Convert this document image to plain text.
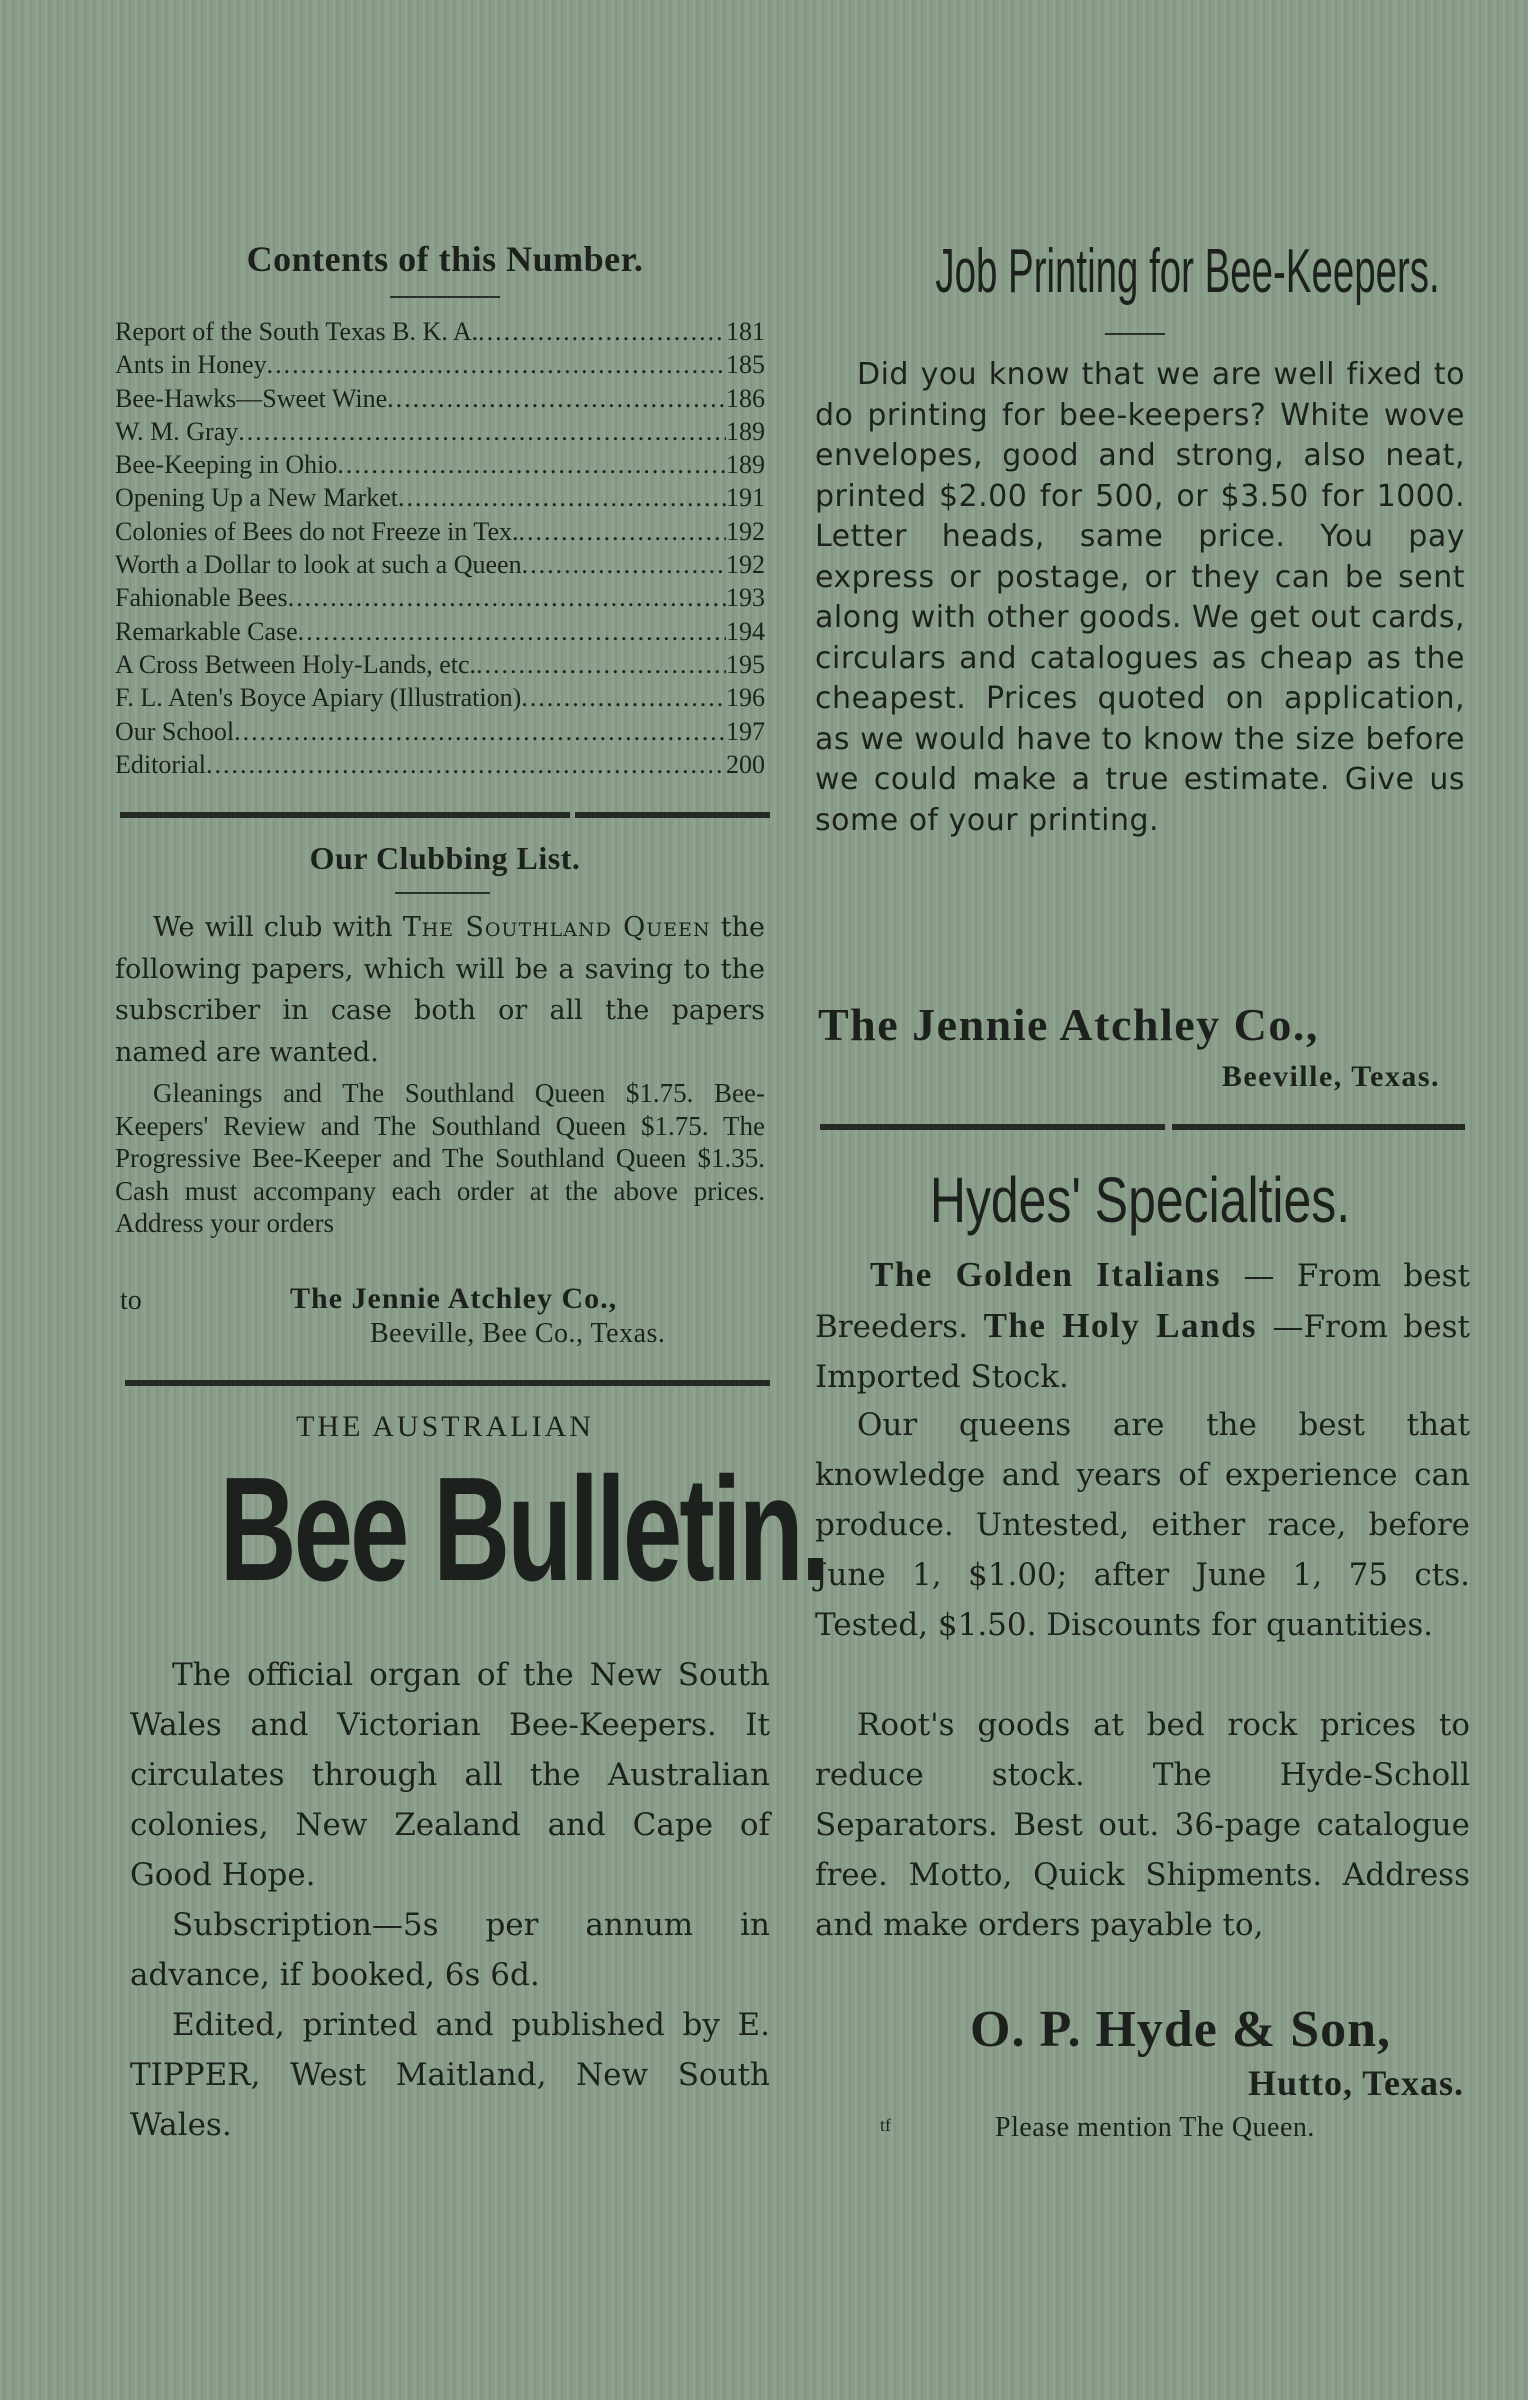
Contents of this Number.
Report of the South Texas B. K. A. .....	181
Ants in Honey .....	185
Bee-Hawks—Sweet Wine .....	186
W. M. Gray .....	189
Bee-Keeping in Ohio .....	189
Opening Up a New Market .....	191
Colonies of Bees do not Freeze in Tex. .....	192
Worth a Dollar to look at such a Queen .....	192
Fahionable Bees .....	193
Remarkable Case .....	194
A Cross Between Holy-Lands, etc. .....	195
F. L. Aten's Boyce Apiary (Illustration) .....	196
Our School .....	197
Editorial .....	200
Our Clubbing List.
We will club with The Southland Queen the following papers, which will be a saving to the subscriber in case both or all the papers named are wanted.
Gleanings and The Southland Queen $1.75. Bee-Keepers' Review and The Southland Queen $1.75. The Progressive Bee-Keeper and The Southland Queen $1.35. Cash must accompany each order at the above prices. Address your orders
to	The Jennie Atchley Co.,
Beeville, Bee Co., Texas.
THE AUSTRALIAN
Bee Bulletin.
The official organ of the New South Wales and Victorian Bee-Keepers. It circulates through all the Australian colonies, New Zealand and Cape of Good Hope.
Subscription—5s per annum in advance, if booked, 6s 6d.
Edited, printed and published by E. TIPPER, West Maitland, New South Wales.
Job Printing for Bee-Keepers.
Did you know that we are well fixed to do printing for bee-keepers? White wove envelopes, good and strong, also neat, printed $2.00 for 500, or $3.50 for 1000. Letter heads, same price. You pay express or postage, or they can be sent along with other goods. We get out cards, circulars and catalogues as cheap as the cheapest. Prices quoted on application, as we would have to know the size before we could make a true estimate. Give us some of your printing.
The Jennie Atchley Co.,
Beeville, Texas.
Hydes' Specialties.
The Golden Italians — From best Breeders. The Holy Lands —From best Imported Stock.
Our queens are the best that knowledge and years of experience can produce. Untested, either race, before June 1, $1.00; after June 1, 75 cts. Tested, $1.50. Discounts for quantities.
Root's goods at bed rock prices to reduce stock. The Hyde-Scholl Separators. Best out. 36-page catalogue free. Motto, Quick Shipments. Address and make orders payable to,
O. P. Hyde & Son,
Hutto, Texas.
tf	Please mention The Queen.
